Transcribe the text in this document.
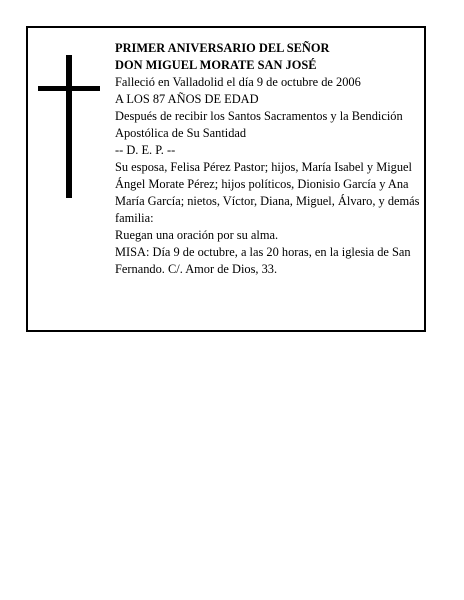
PRIMER ANIVERSARIO DEL SEÑOR
DON MIGUEL MORATE SAN JOSÉ
Falleció en Valladolid el día 9 de octubre de 2006
A LOS 87 AÑOS DE EDAD
Después de recibir los Santos Sacramentos y la Bendición Apostólica de Su Santidad
-- D. E. P. --
Su esposa, Felisa Pérez Pastor; hijos, María Isabel y Miguel Ángel Morate Pérez; hijos políticos, Dionisio García y Ana María García; nietos, Víctor, Diana, Miguel, Álvaro, y demás familia:
Ruegan una oración por su alma.
MISA: Día 9 de octubre, a las 20 horas, en la iglesia de San Fernando. C/. Amor de Dios, 33.
